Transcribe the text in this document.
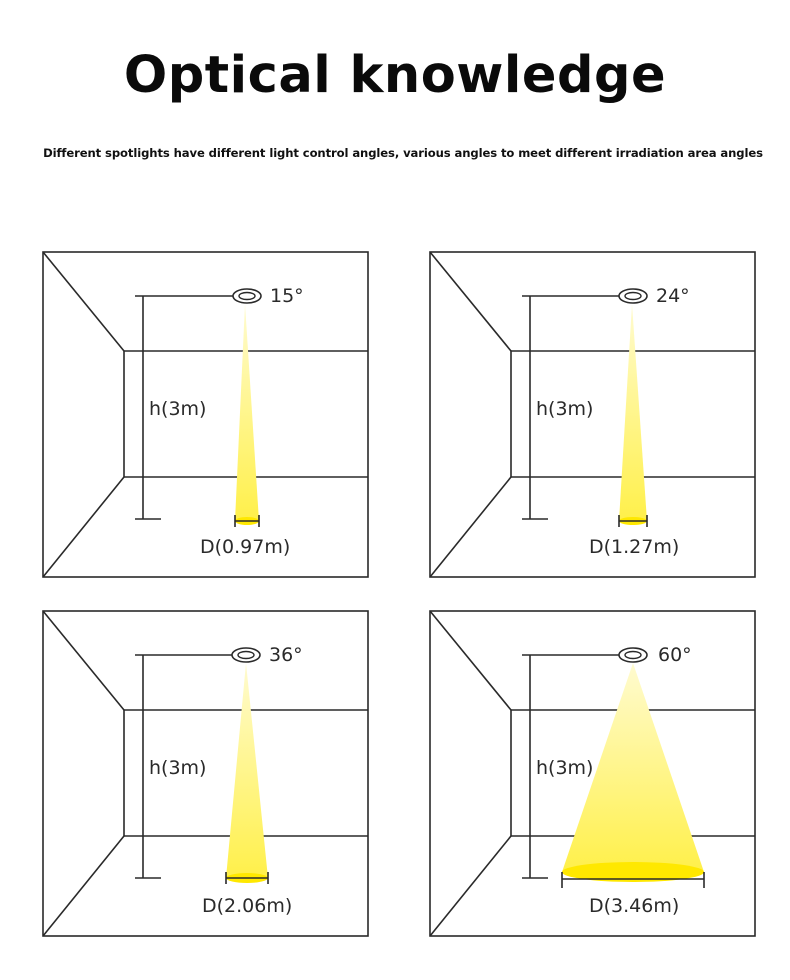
Optical knowledge

Different spotlights have different light control angles, various angles to meet different irradiation area angles

15°
h(3m)
D(0.97m)
24°
h(3m)
D(1.27m)
36°
h(3m)
D(2.06m)
60°
h(3m)
D(3.46m)
